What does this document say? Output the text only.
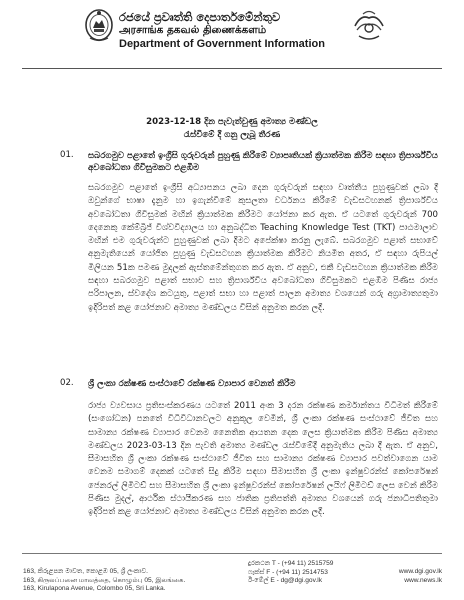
රජයේ ප්‍රවෘත්ති දෙපාර්තමේන්තුව
அரசாங்க தகவல் திணைக்களம்
Department of Government Information
2023-12-18 දින පැවැත්වුණු අමාත්‍ය මණ්ඩල
රැස්වීමේ දී ගනු ලැබූ තීරණ
01. සබරගමුව පළාතේ ඉංග්‍රීසි ගුරුවරුන් පුහුණු කිරීමේ ව්‍යාපෘතියක් ක්‍රියාත්මක කිරීම සඳහා ත්‍රිපාර්ශ්වීය අවබෝධතා ගිවිසුමකට එළඹීම
සබරගමුව පළාතේ ඉංග්‍රීසි අධ්‍යාපනය ලබා දෙන ගුරුවරුන් සඳහා වෘත්තීය පුහුණුවක් ලබා දී ඔවුන්ගේ භාෂා දැනුම හා ඉගැන්වීමේ කුසලතා වර්ධනය කිරීමේ වැඩසටහනක් ත්‍රිපාර්ශ්වීය අවබෝධතා ගිවිසුමක් මඟින් ක්‍රියාත්මක කිරීමට යෝජනා කර ඇත. ඒ යටතේ ගුරුවරුන් 700 දෙනෙකු කේම්බ්‍රිජ් විශ්වවිද්‍යාලය හා අනුබද්ධිත Teaching Knowledge Test (TKT) පාඨමාලාව මඟින් එම ගුරුවරුන්ට පුහුණුවක් ලබා දීමට අපේක්ෂා කරනු ලැබේ. සබරගමුව පළාත් සභාවේ අනුමැතියෙන් යෝජිත පුහුණු වැඩසටහන ක්‍රියාත්මක කිරීමට නියමිත අතර, ඒ සඳහා රුපියල් මිලියන 51ක පමණ මුදලක් ඇස්තමේන්තුගත කර ඇත. ඒ අනුව, එකී වැඩසටහන ක්‍රියාත්මක කිරීම සඳහා සබරගමුව පළාත් සභාව සහ ත්‍රිපාර්ශ්වීය අවබෝධතා ගිවිසුමකට එළඹීම පිණිස රාජ්‍ය පරිපාලන, ස්වදේශ කටයුතු, පළාත් සභා හා පළාත් පාලන අමාත්‍ය වශයෙන් ගරු අග්‍රාමාත්‍යතුමා ඉදිරිපත් කළ යෝජනාව අමාත්‍ය මණ්ඩලය විසින් අනුමත කරන ලදී.
02. ශ්‍රී ලංකා රක්ෂණ සංස්ථාවේ රක්ෂණ ව්‍යාපාර වෙනත් කිරීම
රාජ්‍ය ව්‍යවසාය ප්‍රතිසංස්කරණය යටතේ 2011 අංක 3 දරන රක්ෂණ කර්මාන්තය විධිමත් කිරීමේ (සංශෝධන) පනතේ විධිවිධානවලට අනුකූල වෙමින්, ශ්‍රී ලංකා රක්ෂණ සංස්ථාවේ ජීවිත සහ සාමාන්‍ය රක්ෂණ ව්‍යාපාර වෙනම නෛතික ආයතන දෙක ලෙස ක්‍රියාත්මක කිරීම පිණිස අමාත්‍ය මණ්ඩලය 2023-03-13 දින පැවති අමාත්‍ය මණ්ඩල රැස්වීමේදී අනුමැතිය ලබා දී ඇත. ඒ අනුව, සීමාසහිත ශ්‍රී ලංකා රක්ෂණ සංස්ථාවේ ජීවිත සහ සාමාන්‍ය රක්ෂණ ව්‍යාපාර පවත්වාගෙන යාම වෙනම සමාගම් දෙකක් යටතේ සිදු කිරීම සඳහා සීමාසහිත ශ්‍රී ලංකා ඉන්ෂුවරන්ස් කෝපරේෂන් ජෙනරල් ලිමිටඩ් සහ සීමාසහිත ශ්‍රී ලංකා ඉන්ෂුවරන්ස් කෝපරේෂන් ලයිෆ් ලිමිටඩ් ලෙස වෙන් කිරීම පිණිස මුදල්, ආර්ථික ස්ථායීකරණ සහ ජාතික ප්‍රතිපත්ති අමාත්‍ය වශයෙන් ගරු ජනාධිපතිතුමා ඉදිරිපත් කළ යෝජනාව අමාත්‍ය මණ්ඩලය විසින් අනුමත කරන ලදී.
163, කිරුළපන මාවත, කොළඹ 05, ශ්‍රී ලංකාව.
163, கிருலப்பனை மாவத்தை, கொழும்பு 05, இலங்கை.
163, Kirulapona Avenue, Colombo 05, Sri Lanka.
දුරකථන T - (+94 11) 2515759
ෆැක්ස් F - (+94 11) 2514753
ඊ-මේල් E - dg@dgi.gov.lk
www.dgi.gov.lk
www.news.lk
